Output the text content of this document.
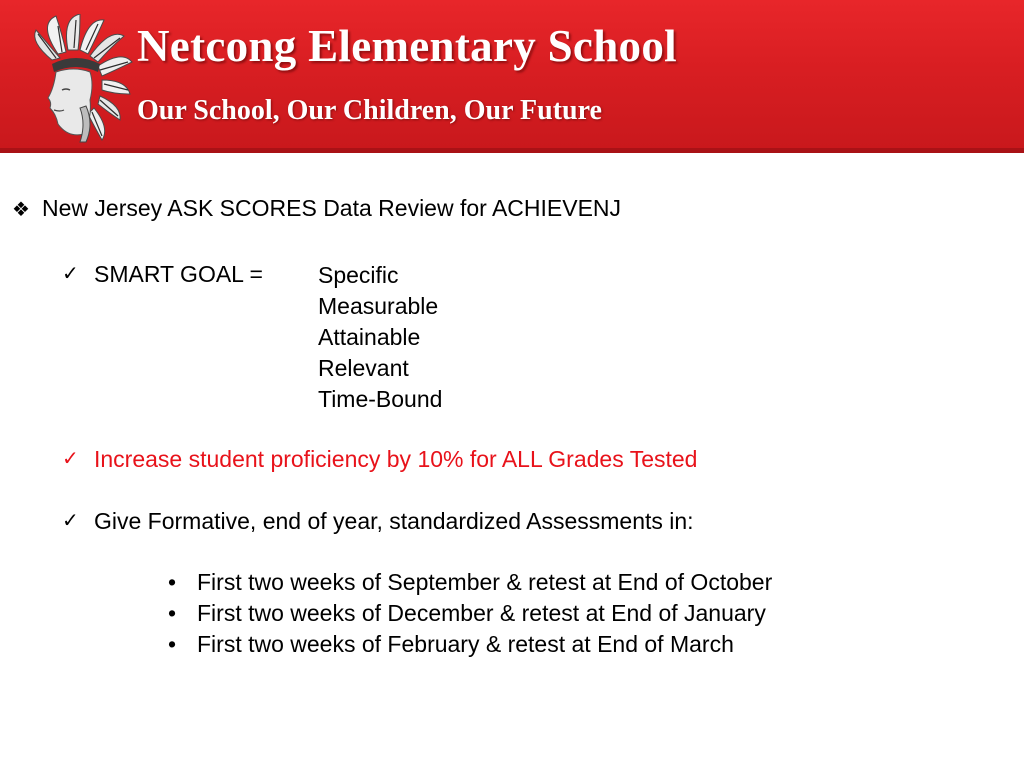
Netcong Elementary School

Our School, Our Children, Our Future

❖ New Jersey ASK SCORES Data Review for ACHIEVENJ
✓ SMART GOAL = Specific
Measurable
Attainable
Relevant
Time-Bound
✓ Increase student proficiency by 10% for ALL Grades Tested
✓ Give Formative, end of year, standardized Assessments in:
• First two weeks of September & retest at End of October
• First two weeks of December & retest at End of January
• First two weeks of February & retest at End of March
